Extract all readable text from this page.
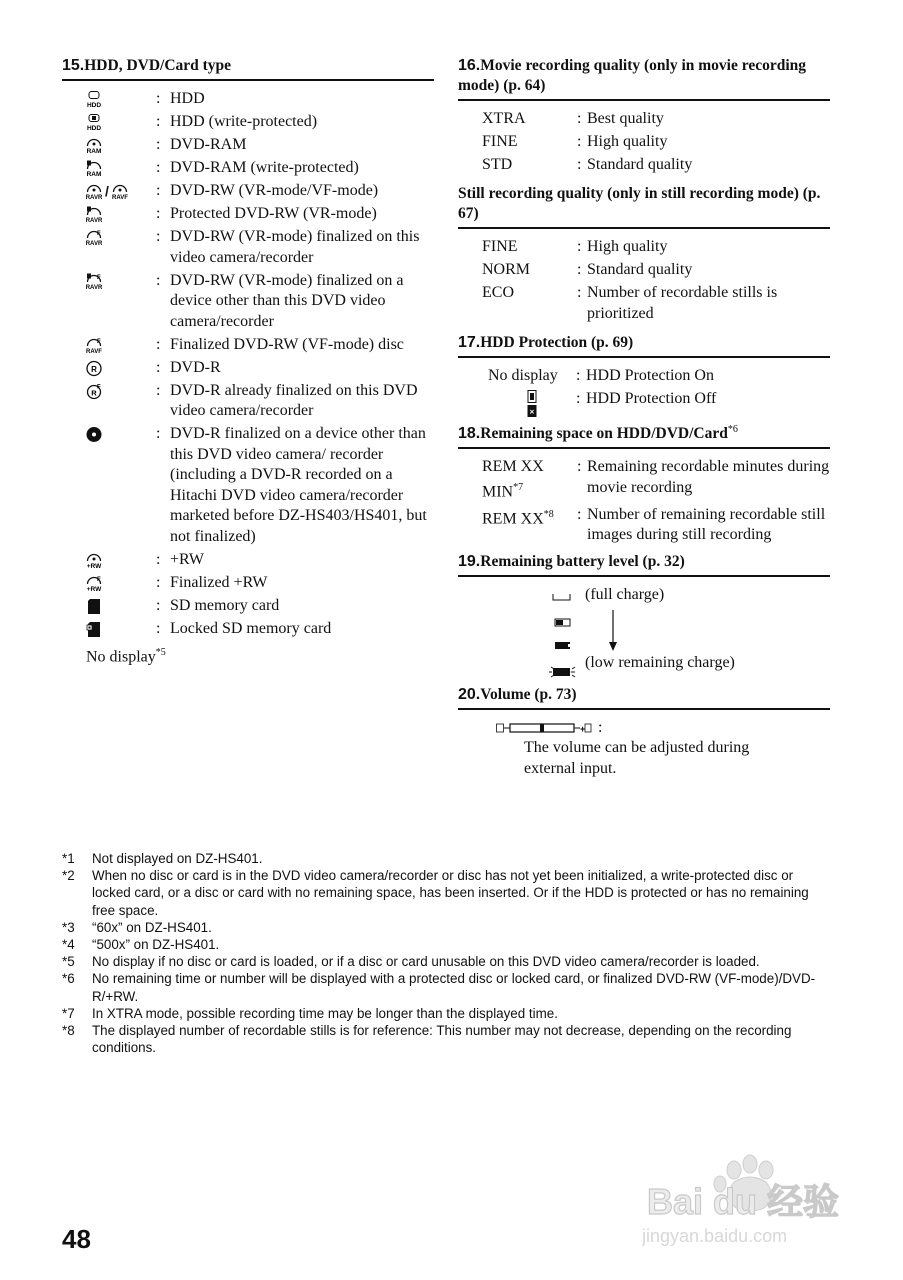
15.HDD, DVD/Card type
HDD	: HDD
HDD	: HDD (write-protected)
RAM	: DVD-RAM
RAM	: DVD-RAM (write-protected)
RAVR / RAVF : DVD-RW (VR-mode/VF-mode)
RAVR	: Protected DVD-RW (VR-mode)
F
RAVR	: DVD-RW (VR-mode) finalized on this video camera/recorder
F
RAVR	: DVD-RW (VR-mode) finalized on a device other than this DVD video camera/recorder
F
RAVF	: Finalized DVD-RW (VF-mode) disc
R	: DVD-R
R
F	: DVD-R already finalized on this DVD video camera/recorder
: DVD-R finalized on a device other than this DVD video camera/ recorder (including a DVD-R recorded on a Hitachi DVD video camera/recorder marketed before DZ-HS403/HS401, but not finalized)
+RW	: +RW
F
+RW	: Finalized +RW
: SD memory card
: Locked SD memory card
No display$^{*5}$
16.Movie recording quality (only in movie recording mode) (p. 64)
XTRA	: Best quality
FINE	: High quality
STD	: Standard quality
Still recording quality (only in still recording mode) (p. 67)
FINE	: High quality
NORM	: Standard quality
ECO	: Number of recordable stills is prioritized
17.HDD Protection (p. 69)
No display	: HDD Protection On
×
: HDD Protection Off
18.Remaining space on HDD/DVD/Card$^{*6}$
REM XX MIN$^{*7}$
: Remaining recordable minutes during movie recording
REM XX$^{*8}$	: Number of remaining recordable still images during still recording
19.Remaining battery level (p. 32)
(full charge)
(low remaining charge)
20.Volume (p. 73)
+ :
The volume can be adjusted during external input.
*1	Not displayed on DZ-HS401.
*2	When no disc or card is in the DVD video camera/recorder or disc has not yet been initialized, a write-protected disc or locked card, or a disc or card with no remaining space, has been inserted. Or if the HDD is protected or has no remaining free space.
*3	“60x” on DZ-HS401.
*4	“500x” on DZ-HS401.
*5	No display if no disc or card is loaded, or if a disc or card unusable on this DVD video camera/recorder is loaded.
*6	No remaining time or number will be displayed with a protected disc or locked card, or finalized DVD-RW (VF-mode)/DVD-R/+RW.
*7	In XTRA mode, possible recording time may be longer than the displayed time.
*8	The displayed number of recordable stills is for reference: This number may not decrease, depending on the recording conditions.
48
Bai du 经验
jingyan.baidu.com
